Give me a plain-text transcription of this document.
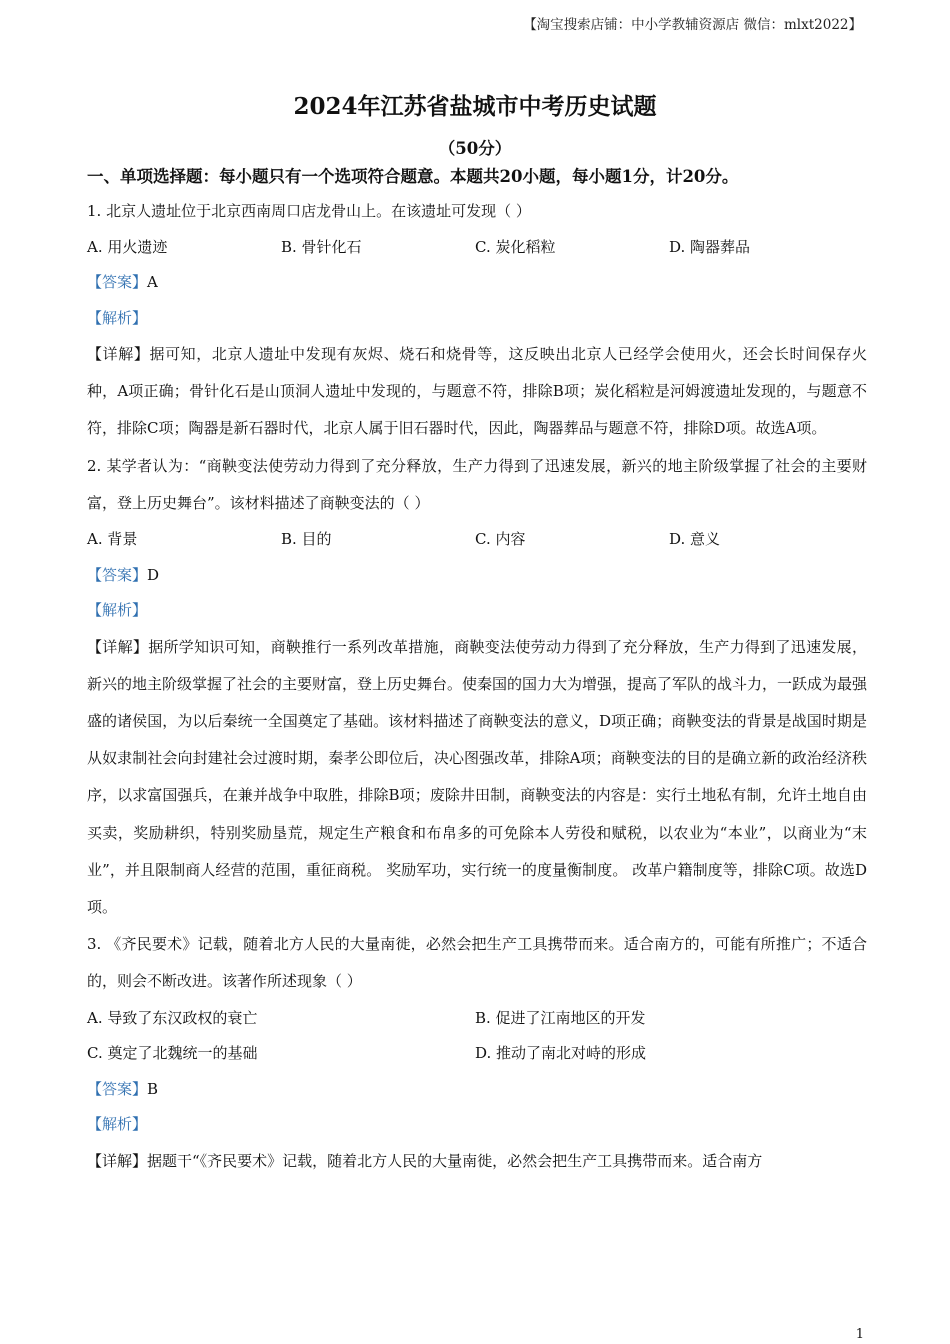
【淘宝搜索店铺：中小学教辅资源店 微信：mlxt2022】
2024年江苏省盐城市中考历史试题
（50分）
一、单项选择题：每小题只有一个选项符合题意。本题共20小题，每小题1分，计20分。
1. 北京人遗址位于北京西南周口店龙骨山上。在该遗址可发现（ ）
A. 用火遗迹	B. 骨针化石	C. 炭化稻粒	D. 陶器葬品
【答案】A
【解析】
【详解】据可知，北京人遗址中发现有灰烬、烧石和烧骨等，这反映出北京人已经学会使用火，还会长时间保存火种，A项正确；骨针化石是山顶洞人遗址中发现的，与题意不符，排除B项；炭化稻粒是河姆渡遗址发现的，与题意不符，排除C项；陶器是新石器时代，北京人属于旧石器时代，因此，陶器葬品与题意不符，排除D项。故选A项。
2. 某学者认为：“商鞅变法使劳动力得到了充分释放，生产力得到了迅速发展，新兴的地主阶级掌握了社会的主要财富，登上历史舞台”。该材料描述了商鞅变法的（ ）
A. 背景	B. 目的	C. 内容	D. 意义
【答案】D
【解析】
【详解】据所学知识可知，商鞅推行一系列改革措施，商鞅变法使劳动力得到了充分释放，生产力得到了迅速发展，新兴的地主阶级掌握了社会的主要财富，登上历史舞台。使秦国的国力大为增强，提高了军队的战斗力，一跃成为最强盛的诸侯国，为以后秦统一全国奠定了基础。该材料描述了商鞅变法的意义，D项正确；商鞅变法的背景是战国时期是从奴隶制社会向封建社会过渡时期，秦孝公即位后，决心图强改革，排除A项；商鞅变法的目的是确立新的政治经济秩序，以求富国强兵，在兼并战争中取胜，排除B项；废除井田制，商鞅变法的内容是：实行土地私有制，允许土地自由买卖，奖励耕织，特别奖励垦荒，规定生产粮食和布帛多的可免除本人劳役和赋税，以农业为“本业”，以商业为“末业”，并且限制商人经营的范围，重征商税。 奖励军功，实行统一的度量衡制度。 改革户籍制度等，排除C项。故选D项。
3. 《齐民要术》记载，随着北方人民的大量南徙，必然会把生产工具携带而来。适合南方的，可能有所推广；不适合的，则会不断改进。该著作所述现象（ ）
A. 导致了东汉政权的衰亡	B. 促进了江南地区的开发
C. 奠定了北魏统一的基础	D. 推动了南北对峙的形成
【答案】B
【解析】
【详解】据题干“《齐民要术》记载，随着北方人民的大量南徙，必然会把生产工具携带而来。适合南方
1
